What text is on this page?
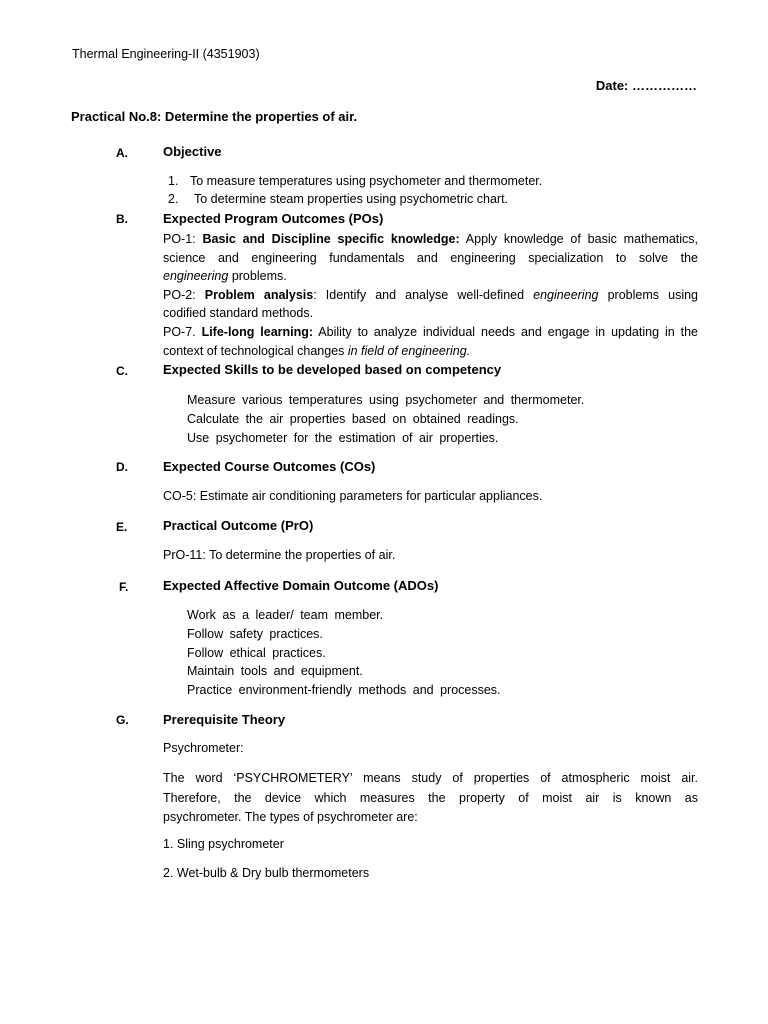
Thermal Engineering-II (4351903)
Date: ……………
Practical No.8: Determine the properties of air.
A.	Objective
1. To measure temperatures using psychometer and thermometer.
2. To determine steam properties using psychometric chart.
B.	Expected Program Outcomes (POs)
PO-1: Basic and Discipline specific knowledge: Apply knowledge of basic mathematics,
science and engineering fundamentals and engineering specialization to solve the
engineering problems.
PO-2: Problem analysis: Identify and analyse well-defined engineering problems using
codified standard methods.
PO-7. Life-long learning: Ability to analyze individual needs and engage in updating in the
context of technological changes in field of engineering.
C.	Expected Skills to be developed based on competency
Measure various temperatures using psychometer and thermometer.
Calculate the air properties based on obtained readings.
Use psychometer for the estimation of air properties.
D.	Expected Course Outcomes (COs)
CO-5: Estimate air conditioning parameters for particular appliances.
E.	Practical Outcome (PrO)
PrO-11: To determine the properties of air.
F.	Expected Affective Domain Outcome (ADOs)
Work as a leader/ team member.
Follow safety practices.
Follow ethical practices.
Maintain tools and equipment.
Practice environment-friendly methods and processes.
G.	Prerequisite Theory
Psychrometer:
The word ‘PSYCHROMETERY’ means study of properties of atmospheric moist air.
Therefore, the device which measures the property of moist air is known as
psychrometer. The types of psychrometer are:
1. Sling psychrometer
2. Wet-bulb & Dry bulb thermometers
